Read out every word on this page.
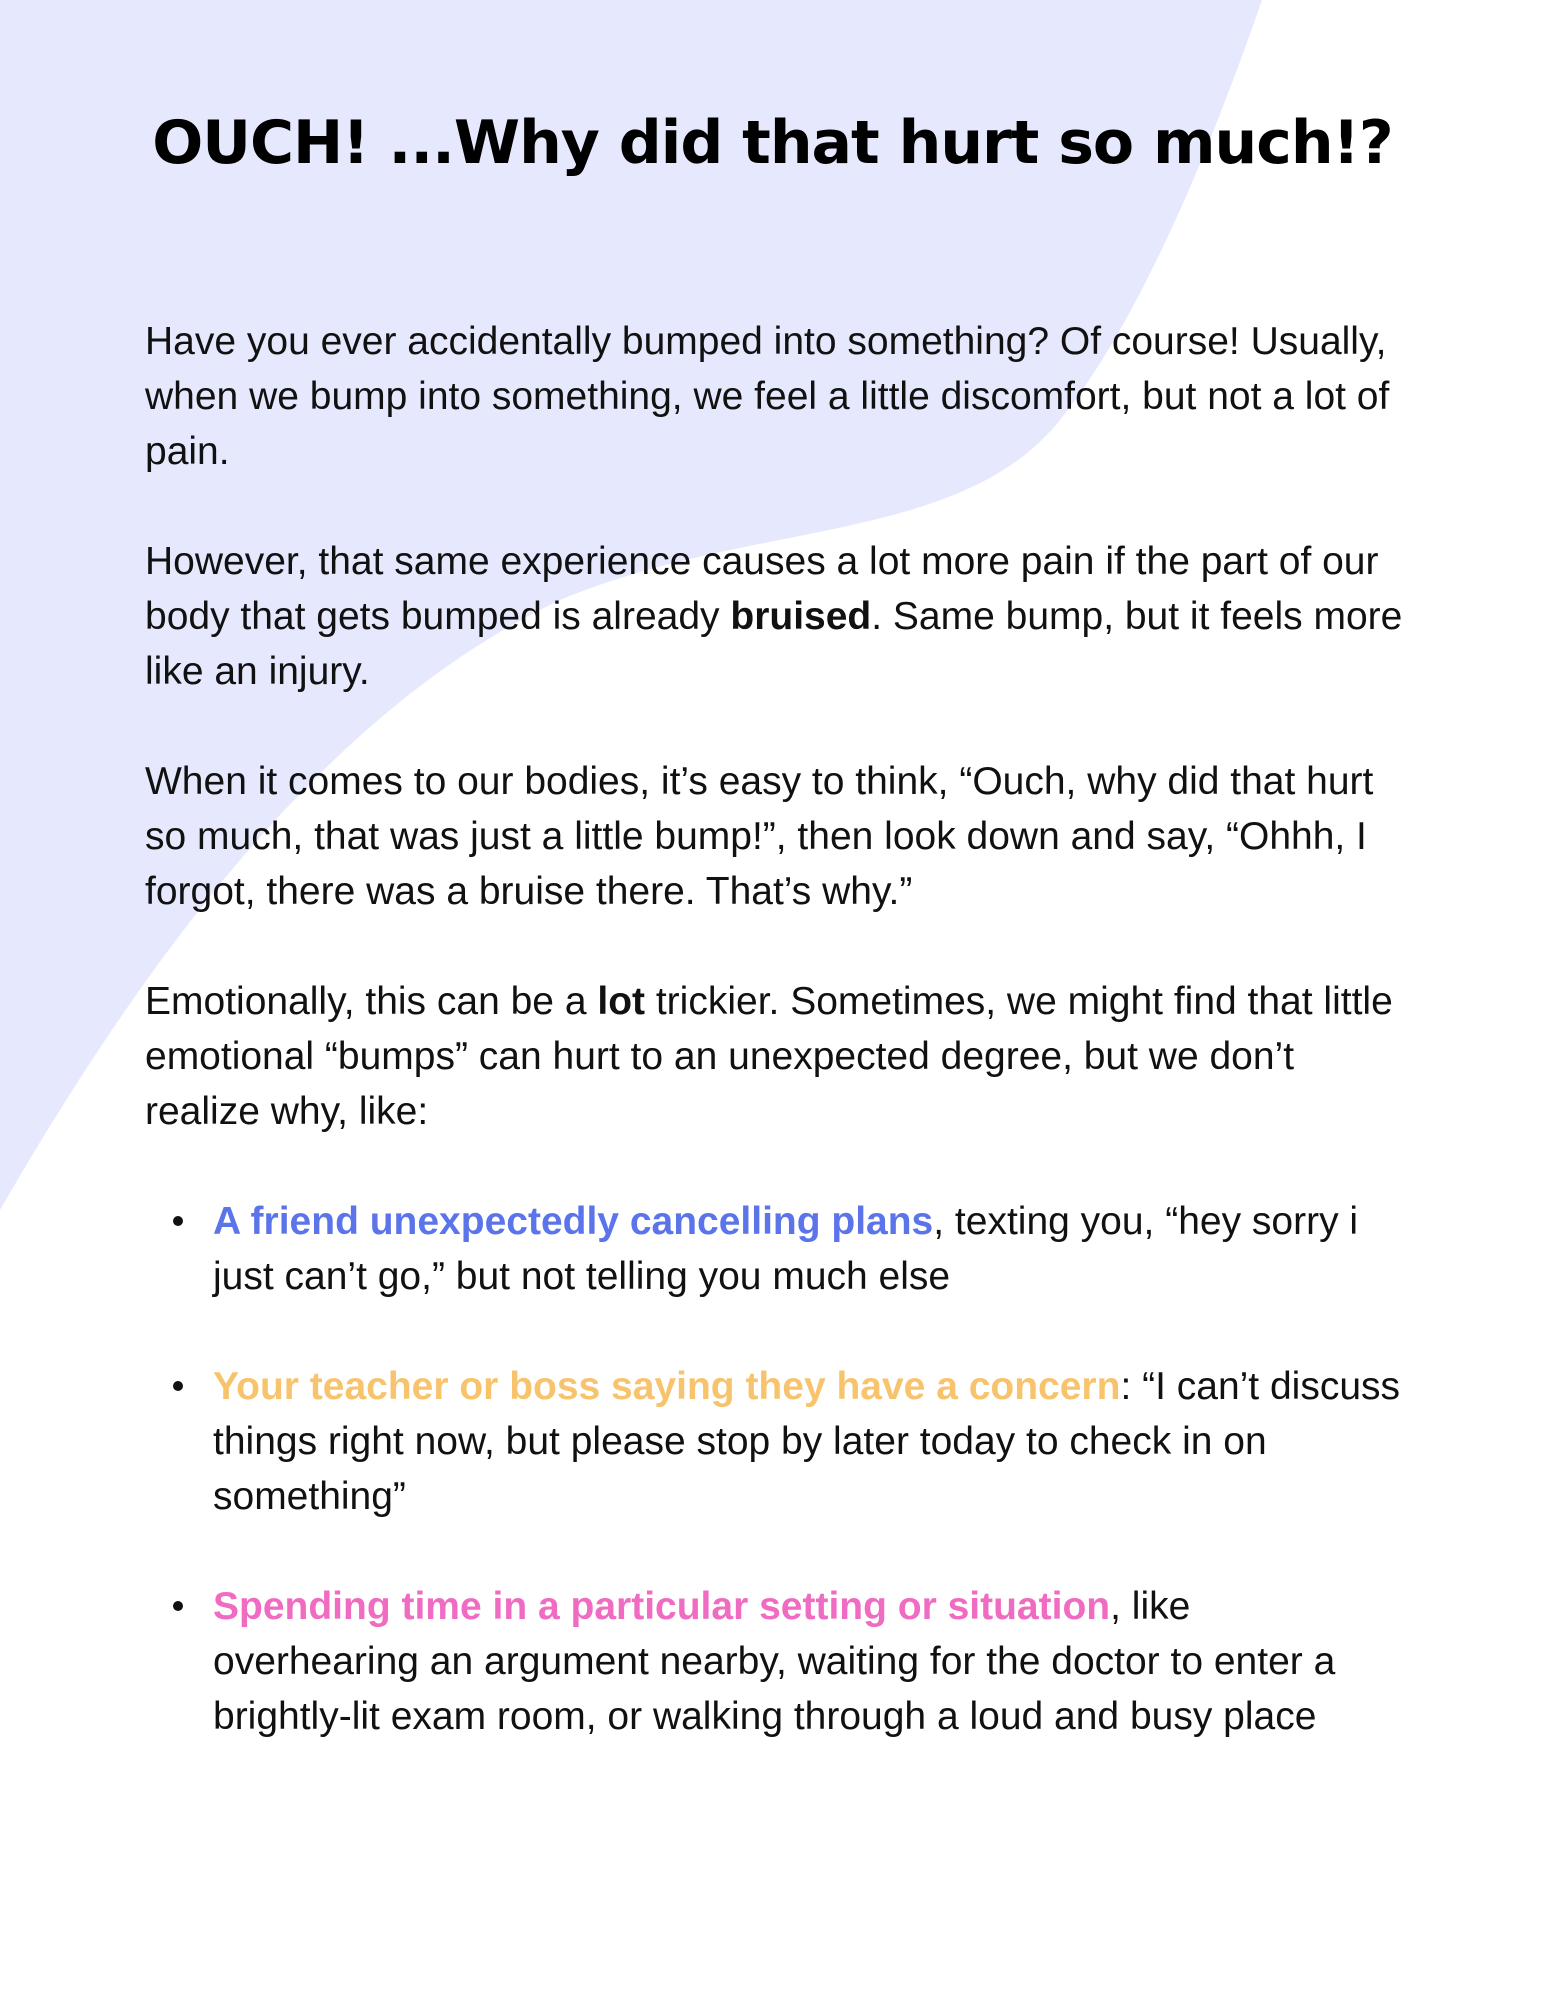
OUCH! ...Why did that hurt so much!?

Have you ever accidentally bumped into something? Of course! Usually, when we bump into something, we feel a little discomfort, but not a lot of pain.

However, that same experience causes a lot more pain if the part of our body that gets bumped is already bruised. Same bump, but it feels more like an injury.

When it comes to our bodies, it’s easy to think, “Ouch, why did that hurt so much, that was just a little bump!”, then look down and say, “Ohhh, I forgot, there was a bruise there. That’s why.”

Emotionally, this can be a lot trickier. Sometimes, we might find that little emotional “bumps” can hurt to an unexpected degree, but we don’t realize why, like:

A friend unexpectedly cancelling plans, texting you, “hey sorry i just can’t go,” but not telling you much else
Your teacher or boss saying they have a concern: “I can’t discuss things right now, but please stop by later today to check in on something”
Spending time in a particular setting or situation, like overhearing an argument nearby, waiting for the doctor to enter a brightly-lit exam room, or walking through a loud and busy place
